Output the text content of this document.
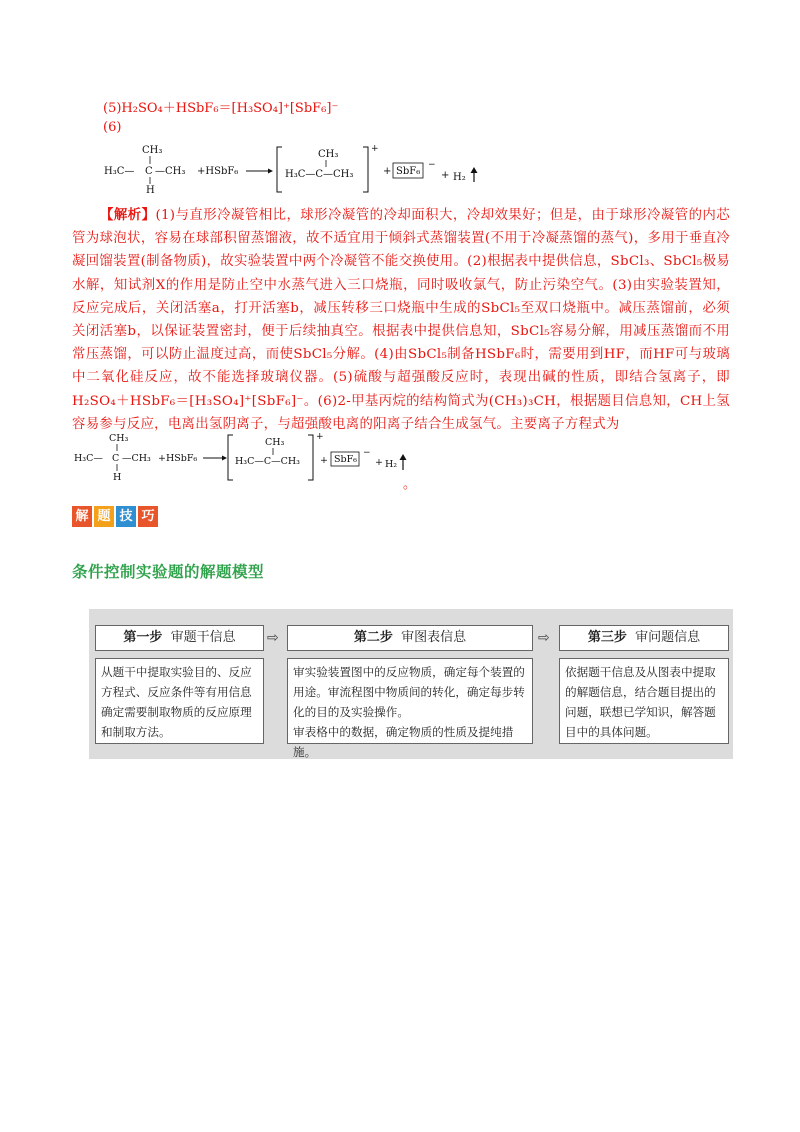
(5)H₂SO₄＋HSbF₆＝[H₃SO₄]⁺[SbF₆]⁻
(6)
CH₃
H₃C— C —CH₃
H
+HSbF₆
CH₃
H₃C—C—CH₃
+
+ SbF₆
−
+ H₂
【解析】(1)与直形冷凝管相比，球形冷凝管的冷却面积大，冷却效果好；但是，由于球形冷凝管的内芯管为球泡状，容易在球部积留蒸馏液，故不适宜用于倾斜式蒸馏装置(不用于冷凝蒸馏的蒸气)，多用于垂直冷凝回馏装置(制备物质)，故实验装置中两个冷凝管不能交换使用。(2)根据表中提供信息，SbCl₃、SbCl₅极易水解，知试剂X的作用是防止空中水蒸气进入三口烧瓶，同时吸收氯气，防止污染空气。(3)由实验装置知，反应完成后，关闭活塞a，打开活塞b，减压转移三口烧瓶中生成的SbCl₅至双口烧瓶中。减压蒸馏前，必须关闭活塞b，以保证装置密封，便于后续抽真空。根据表中提供信息知，SbCl₅容易分解，用减压蒸馏而不用常压蒸馏，可以防止温度过高，而使SbCl₅分解。(4)由SbCl₅制备HSbF₆时，需要用到HF，而HF可与玻璃中二氧化硅反应，故不能选择玻璃仪器。(5)硫酸与超强酸反应时，表现出碱的性质，即结合氢离子，即H₂SO₄＋HSbF₆＝[H₃SO₄]⁺[SbF₆]⁻。(6)2-甲基丙烷的结构简式为(CH₃)₃CH，根据题目信息知，CH上氢容易参与反应，电离出氢阴离子，与超强酸电离的阳离子结合生成氢气。主要离子方程式为
CH₃
H₃C— C —CH₃
H
+HSbF₆
CH₃
H₃C—C—CH₃
+
+ SbF₆
−
+ H₂
。
解 题 技 巧
条件控制实验题的解题模型
第一步 审题干信息	⇨	第二步 审图表信息	⇨	第三步 审问题信息
从题干中提取实验目的、反应方程式、反应条件等有用信息确定需要制取物质的反应原理和制取方法。
审实验装置图中的反应物质，确定每个装置的用途。审流程图中物质间的转化，确定每步转化的目的及实验操作。
审表格中的数据，确定物质的性质及提纯措施。
依据题干信息及从图表中提取的解题信息，结合题目提出的问题，联想已学知识，解答题目中的具体问题。
